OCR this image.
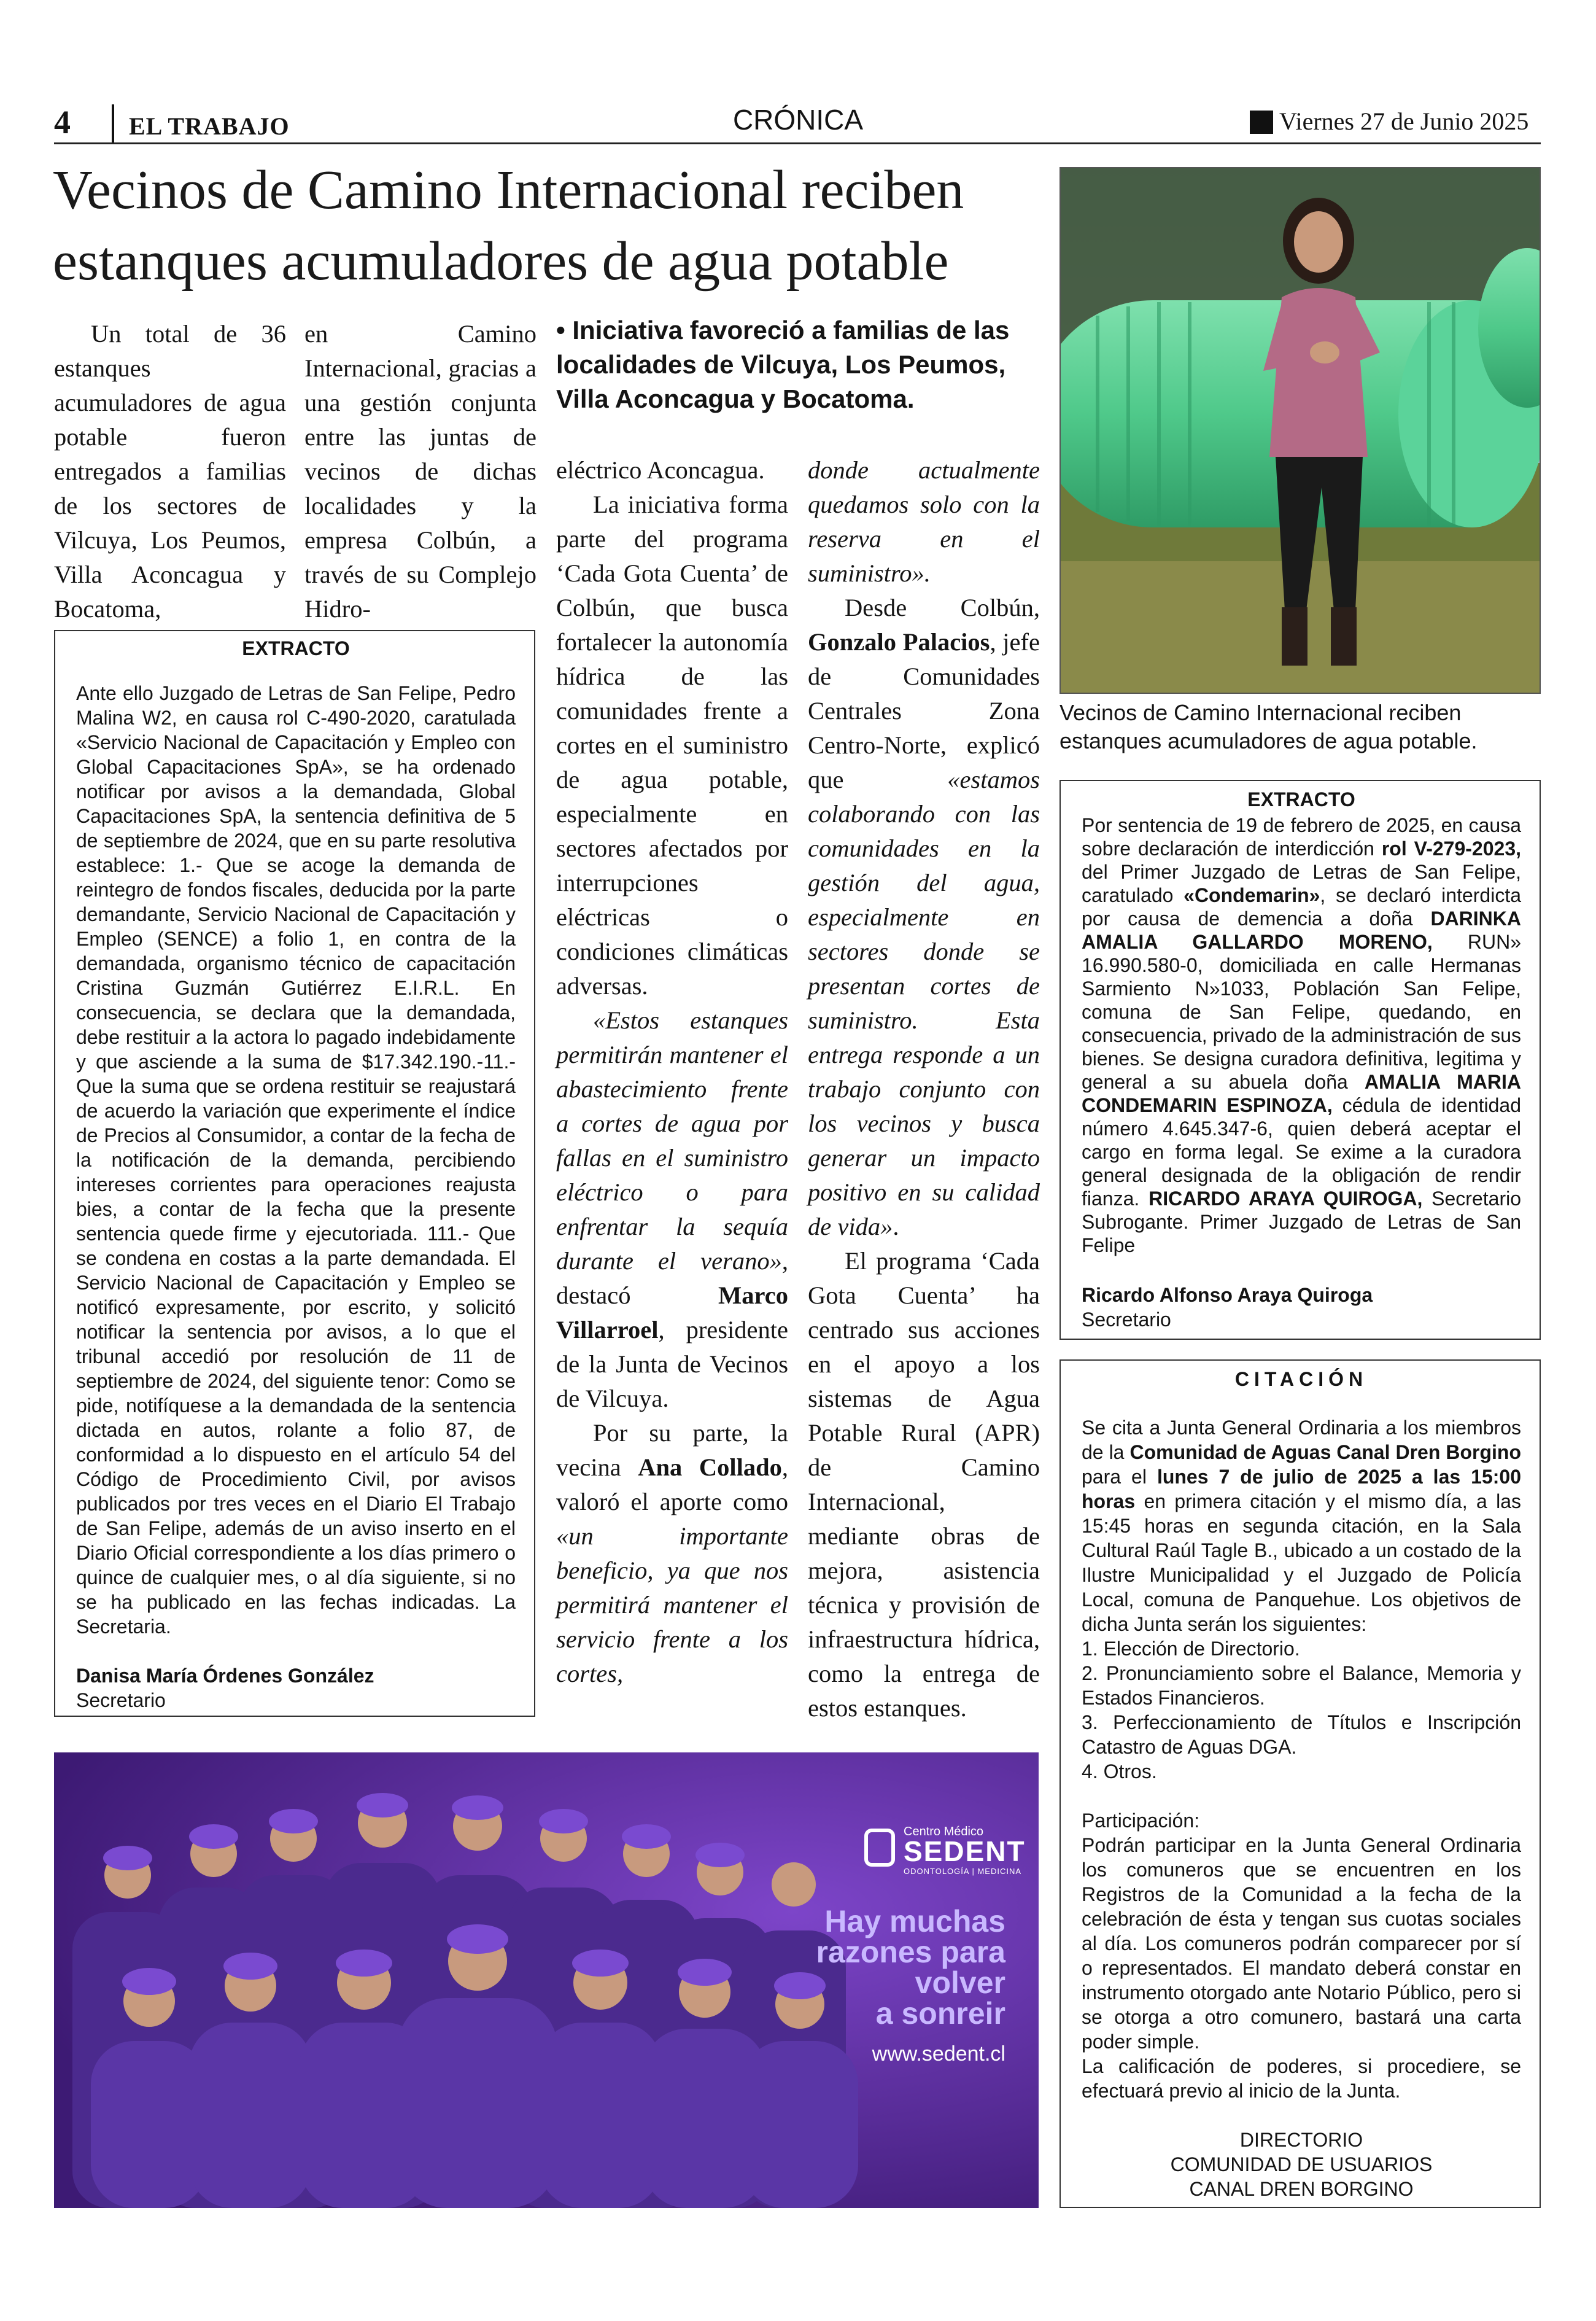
4 EL TRABAJO	CRÓNICA	Viernes 27 de Junio 2025
Vecinos de Camino Internacional reciben
estanques acumuladores de agua potable

Un total de 36 estanques acumuladores de agua potable fueron entregados a familias de los sectores de Vilcuya, Los Peumos, Villa Aconcagua y Bocatoma,

en Camino Internacional, gracias a una gestión conjunta entre las juntas de vecinos de dichas localidades y la empresa Colbún, a través de su Complejo Hidro-

• Iniciativa favoreció a familias de las localidades de Vilcuya, Los Peumos, Villa Aconcagua y Bocatoma.

eléctrico Aconcagua.

La iniciativa forma parte del programa ‘Cada Gota Cuenta’ de Colbún, que busca fortalecer la autonomía hídrica de las comunidades frente a cortes en el suministro de agua potable, especialmente en sectores afectados por interrupciones eléctricas o condiciones climáticas adversas.

«Estos estanques permitirán mantener el abastecimiento frente a cortes de agua por fallas en el suministro eléctrico o para enfrentar la sequía durante el verano», destacó Marco Villarroel, presidente de la Junta de Vecinos de Vilcuya.

Por su parte, la vecina Ana Collado, valoró el aporte como «un importante beneficio, ya que nos permitirá mantener el servicio frente a los cortes,

donde actualmente quedamos solo con la reserva en el suministro».

Desde Colbún, Gonzalo Palacios, jefe de Comunidades Centrales Zona Centro-Norte, explicó que «estamos colaborando con las comunidades en la gestión del agua, especialmente en sectores donde se presentan cortes de suministro. Esta entrega responde a un trabajo conjunto con los vecinos y busca generar un impacto positivo en su calidad de vida».

El programa ‘Cada Gota Cuenta’ ha centrado sus acciones en el apoyo a los sistemas de Agua Potable Rural (APR) de Camino Internacional, mediante obras de mejora, asistencia técnica y provisión de infraestructura hídrica, como la entrega de estos estanques.

EXTRACTO
Ante ello Juzgado de Letras de San Felipe, Pedro Malina W2, en causa rol C-490-2020, caratulada «Servicio Nacional de Capacitación y Empleo con Global Capacitaciones SpA», se ha ordenado notificar por avisos a la demandada, Global Capacitaciones SpA, la sentencia definitiva de 5 de septiembre de 2024, que en su parte resolutiva establece: 1.- Que se acoge la demanda de reintegro de fondos fiscales, deducida por la parte demandante, Servicio Nacional de Capacitación y Empleo (SENCE) a folio 1, en contra de la demandada, organismo técnico de capacitación Cristina Guzmán Gutiérrez E.I.R.L. En consecuencia, se declara que la demandada, debe restituir a la actora lo pagado indebidamente y que asciende a la suma de $17.342.190.-11.- Que la suma que se ordena restituir se reajustará de acuerdo la variación que experimente el índice de Precios al Consumidor, a contar de la fecha de la notificación de la demanda, percibiendo intereses corrientes para operaciones reajusta bies, a contar de la fecha que la presente sentencia quede firme y ejecutoriada. 111.- Que se condena en costas a la parte demandada. El Servicio Nacional de Capacitación y Empleo se notificó expresamente, por escrito, y solicitó notificar la sentencia por avisos, a lo que el tribunal accedió por resolución de 11 de septiembre de 2024, del siguiente tenor: Como se pide, notifíquese a la demandada de la sentencia dictada en autos, rolante a folio 87, de conformidad a lo dispuesto en el artículo 54 del Código de Procedimiento Civil, por avisos publicados por tres veces en el Diario El Trabajo de San Felipe, además de un aviso inserto en el Diario Oficial correspondiente a los días primero o quince de cualquier mes, o al día siguiente, si no se ha publicado en las fechas indicadas. La Secretaria.
Danisa María Órdenes González
Secretario
Vecinos de Camino Internacional reciben estanques acumuladores de agua potable.
EXTRACTO
Por sentencia de 19 de febrero de 2025, en causa sobre declaración de interdicción rol V-279-2023, del Primer Juzgado de Letras de San Felipe, caratulado «Condemarin», se declaró interdicta por causa de demencia a doña DARINKA AMALIA GALLARDO MORENO, RUN» 16.990.580-0, domiciliada en calle Hermanas Sarmiento N»1033, Población San Felipe, comuna de San Felipe, quedando, en consecuencia, privado de la administración de sus bienes. Se designa curadora definitiva, legitima y general a su abuela doña AMALIA MARIA CONDEMARIN ESPINOZA, cédula de identidad número 4.645.347-6, quien deberá aceptar el cargo en forma legal. Se exime a la curadora general designada de la obligación de rendir fianza. RICARDO ARAYA QUIROGA, Secretario Subrogante. Primer Juzgado de Letras de San Felipe
Ricardo Alfonso Araya Quiroga
Secretario
CITACIÓN
Se cita a Junta General Ordinaria a los miembros de la Comunidad de Aguas Canal Dren Borgino para el lunes 7 de julio de 2025 a las 15:00 horas en primera citación y el mismo día, a las 15:45 horas en segunda citación, en la Sala Cultural Raúl Tagle B., ubicado a un costado de la Ilustre Municipalidad y el Juzgado de Policía Local, comuna de Panquehue. Los objetivos de dicha Junta serán los siguientes:
1. Elección de Directorio.
2. Pronunciamiento sobre el Balance, Memoria y Estados Financieros.
3. Perfeccionamiento de Títulos e Inscripción Catastro de Aguas DGA.
4. Otros.
Participación:
Podrán participar en la Junta General Ordinaria los comuneros que se encuentren en los Registros de la Comunidad a la fecha de la celebración de ésta y tengan sus cuotas sociales al día. Los comuneros podrán comparecer por sí o representados. El mandato deberá constar en instrumento otorgado ante Notario Público, pero si se otorga a otro comunero, bastará una carta poder simple.
La calificación de poderes, si procediere, se efectuará previo al inicio de la Junta.
DIRECTORIO
COMUNIDAD DE USUARIOS
CANAL DREN BORGINO
Centro Médico
SEDENT
ODONTOLOGÍA | MEDICINA
Hay muchas
razones para
volver
a sonreir
www.sedent.cl
